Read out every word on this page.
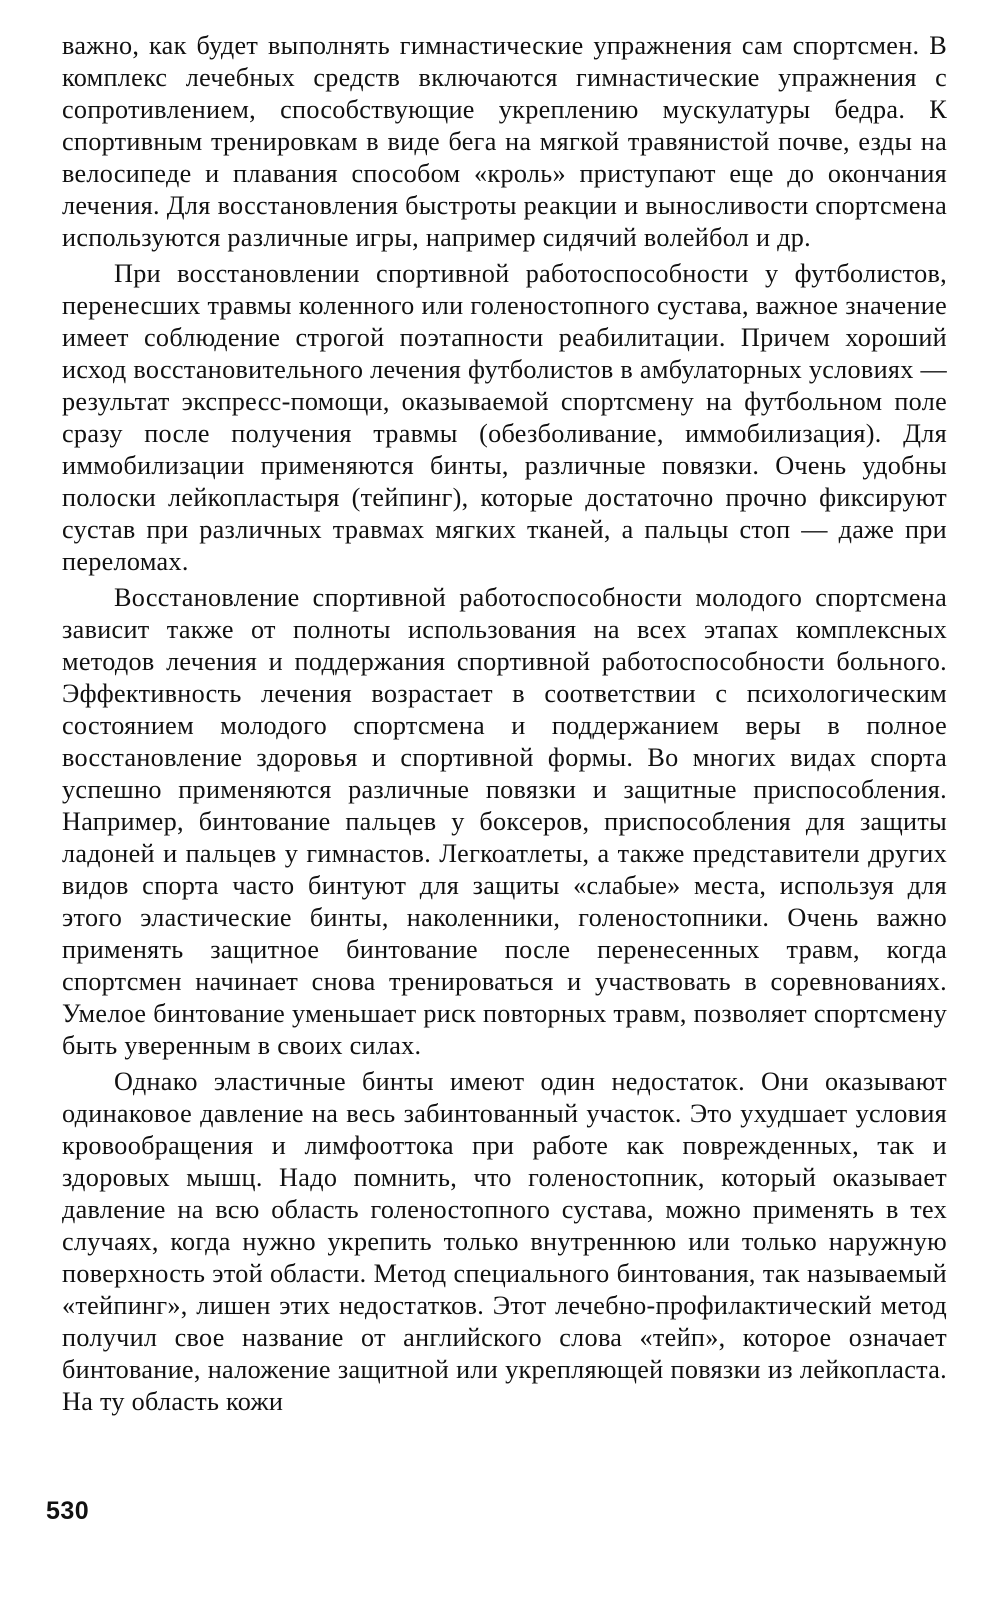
важно, как будет выполнять гимнастические упражнения сам спортсмен. В комплекс лечебных средств включаются гимнастические упражнения с сопротивлением, способствующие укреплению мускулатуры бедра. К спортивным тренировкам в виде бега на мягкой травянистой почве, езды на велосипеде и плавания способом «кроль» приступают еще до окончания лечения. Для восстановления быстроты реакции и выносливости спортсмена используются различные игры, например сидячий волейбол и др.

При восстановлении спортивной работоспособности у футболистов, перенесших травмы коленного или голеностопного сустава, важное значение имеет соблюдение строгой поэтапности реабилитации. Причем хороший исход восстановительного лечения футболистов в амбулаторных условиях — результат экспресс-помощи, оказываемой спортсмену на футбольном поле сразу после получения травмы (обезболивание, иммобилизация). Для иммобилизации применяются бинты, различные повязки. Очень удобны полоски лейкопластыря (тейпинг), которые достаточно прочно фиксируют сустав при различных травмах мягких тканей, а пальцы стоп — даже при переломах.

Восстановление спортивной работоспособности молодого спортсмена зависит также от полноты использования на всех этапах комплексных методов лечения и поддержания спортивной работоспособности больного. Эффективность лечения возрастает в соответствии с психологическим состоянием молодого спортсмена и поддержанием веры в полное восстановление здоровья и спортивной формы. Во многих видах спорта успешно применяются различные повязки и защитные приспособления. Например, бинтование пальцев у боксеров, приспособления для защиты ладоней и пальцев у гимнастов. Легкоатлеты, а также представители других видов спорта часто бинтуют для защиты «слабые» места, используя для этого эластические бинты, наколенники, голеностопники. Очень важно применять защитное бинтование после перенесенных травм, когда спортсмен начинает снова тренироваться и участвовать в соревнованиях. Умелое бинтование уменьшает риск повторных травм, позволяет спортсмену быть уверенным в своих силах.

Однако эластичные бинты имеют один недостаток. Они оказывают одинаковое давление на весь забинтованный участок. Это ухудшает условия кровообращения и лимфооттока при работе как поврежденных, так и здоровых мышц. Надо помнить, что голеностопник, который оказывает давление на всю область голеностопного сустава, можно применять в тех случаях, когда нужно укрепить только внутреннюю или только наружную поверхность этой области. Метод специального бинтования, так называемый «тейпинг», лишен этих недостатков. Этот лечебно-профилактический метод получил свое название от английского слова «тейп», которое означает бинтование, наложение защитной или укрепляющей повязки из лейкопласта. На ту область кожи

530
